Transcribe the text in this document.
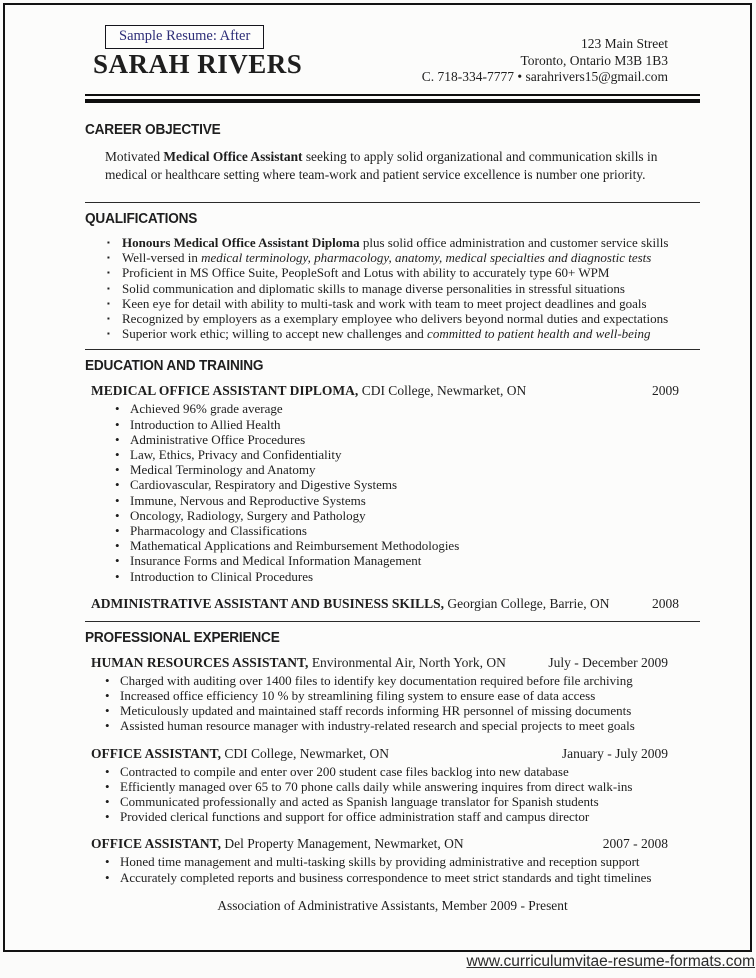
Sample Resume: After
SARAH RIVERS
123 Main Street
Toronto, Ontario M3B 1B3
C. 718-334-7777 • sarahrivers15@gmail.com
CAREER OBJECTIVE

Motivated Medical Office Assistant seeking to apply solid organizational and communication skills in medical or healthcare setting where team-work and patient service excellence is number one priority.

QUALIFICATIONS
▪ Honours Medical Office Assistant Diploma plus solid office administration and customer service skills
▪ Well-versed in medical terminology, pharmacology, anatomy, medical specialties and diagnostic tests
▪ Proficient in MS Office Suite, PeopleSoft and Lotus with ability to accurately type 60+ WPM
▪ Solid communication and diplomatic skills to manage diverse personalities in stressful situations
▪ Keen eye for detail with ability to multi-task and work with team to meet project deadlines and goals
▪ Recognized by employers as a exemplary employee who delivers beyond normal duties and expectations
▪ Superior work ethic; willing to accept new challenges and committed to patient health and well-being
EDUCATION AND TRAINING
MEDICAL OFFICE ASSISTANT DIPLOMA, CDI College, Newmarket, ON	2009
• Achieved 96% grade average
• Introduction to Allied Health
• Administrative Office Procedures
• Law, Ethics, Privacy and Confidentiality
• Medical Terminology and Anatomy
• Cardiovascular, Respiratory and Digestive Systems
• Immune, Nervous and Reproductive Systems
• Oncology, Radiology, Surgery and Pathology
• Pharmacology and Classifications
• Mathematical Applications and Reimbursement Methodologies
• Insurance Forms and Medical Information Management
• Introduction to Clinical Procedures
ADMINISTRATIVE ASSISTANT AND BUSINESS SKILLS, Georgian College, Barrie, ON	2008
PROFESSIONAL EXPERIENCE
HUMAN RESOURCES ASSISTANT, Environmental Air, North York, ON	July - December 2009
• Charged with auditing over 1400 files to identify key documentation required before file archiving
• Increased office efficiency 10 % by streamlining filing system to ensure ease of data access
• Meticulously updated and maintained staff records informing HR personnel of missing documents
• Assisted human resource manager with industry-related research and special projects to meet goals
OFFICE ASSISTANT, CDI College, Newmarket, ON	January - July 2009
• Contracted to compile and enter over 200 student case files backlog into new database
• Efficiently managed over 65 to 70 phone calls daily while answering inquires from direct walk-ins
• Communicated professionally and acted as Spanish language translator for Spanish students
• Provided clerical functions and support for office administration staff and campus director
OFFICE ASSISTANT, Del Property Management, Newmarket, ON	2007 - 2008
• Honed time management and multi-tasking skills by providing administrative and reception support
• Accurately completed reports and business correspondence to meet strict standards and tight timelines

Association of Administrative Assistants, Member 2009 - Present

www.curriculumvitae-resume-formats.com
